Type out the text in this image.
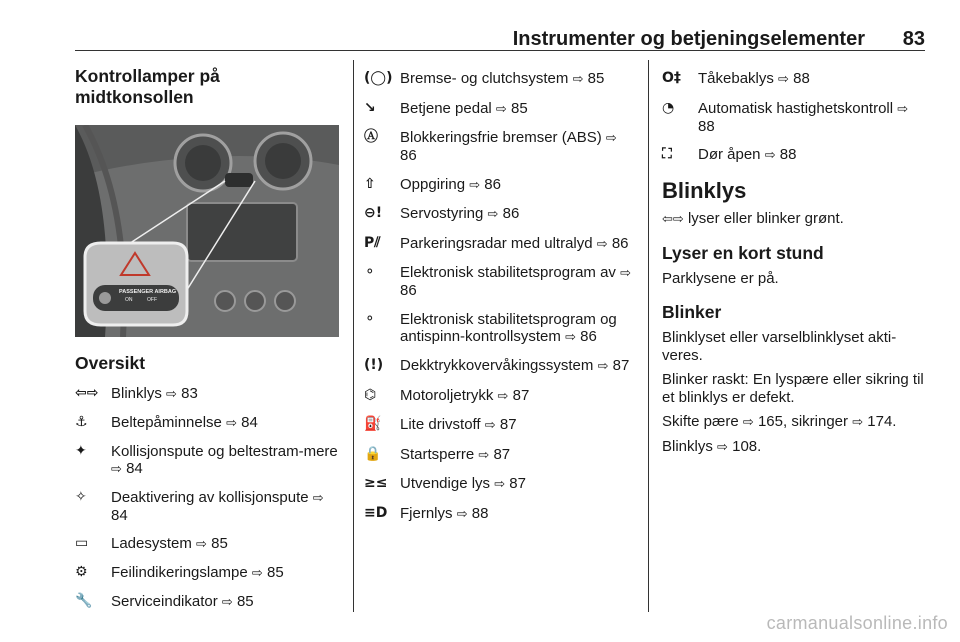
Instrumenter og betjeningselementer 83
Kontrollamper på midtkonsollen
PASSENGER AIRBAG
ON	OFF
Oversikt
⇦⇨ Blinklys ⇨ 83
⚓	Beltepåminnelse ⇨ 84
✦	Kollisjonspute og beltestram-mere ⇨ 84
✧	Deaktivering av kollisjonspute ⇨ 84
▭	Ladesystem ⇨ 85
⚙	Feilindikeringslampe ⇨ 85
🔧	Serviceindikator ⇨ 85
(◯) Bremse- og clutchsystem ⇨ 85
↘	Betjene pedal ⇨ 85
Ⓐ	Blokkeringsfrie bremser (ABS) ⇨ 86
⇧	Oppgiring ⇨ 86
⊖!	Servostyring ⇨ 86
P⫽	Parkeringsradar med ultralyd ⇨ 86
⚬	Elektronisk stabilitetsprogram av ⇨ 86
⚬	Elektronisk stabilitetsprogram og antispinn-kontrollsystem ⇨ 86
(!)	Dekktrykkovervåkingssystem ⇨ 87
⌬	Motoroljetrykk ⇨ 87
⛽	Lite drivstoff ⇨ 87
🔒	Startsperre ⇨ 87
≥≤ Utvendige lys ⇨ 87
≡D Fjernlys ⇨ 88
O‡	Tåkebaklys ⇨ 88
◔	Automatisk hastighetskontroll ⇨ 88
⛶	Dør åpen ⇨ 88
Blinklys

⇦⇨ lyser eller blinker grønt.

Lyser en kort stund

Parklysene er på.

Blinker

Blinklyset eller varselblinklyset akti-veres.

Blinker raskt: En lyspære eller sikring til et blinklys er defekt.

Skifte pære ⇨ 165, sikringer ⇨ 174.

Blinklys ⇨ 108.

carmanualsonline.info
